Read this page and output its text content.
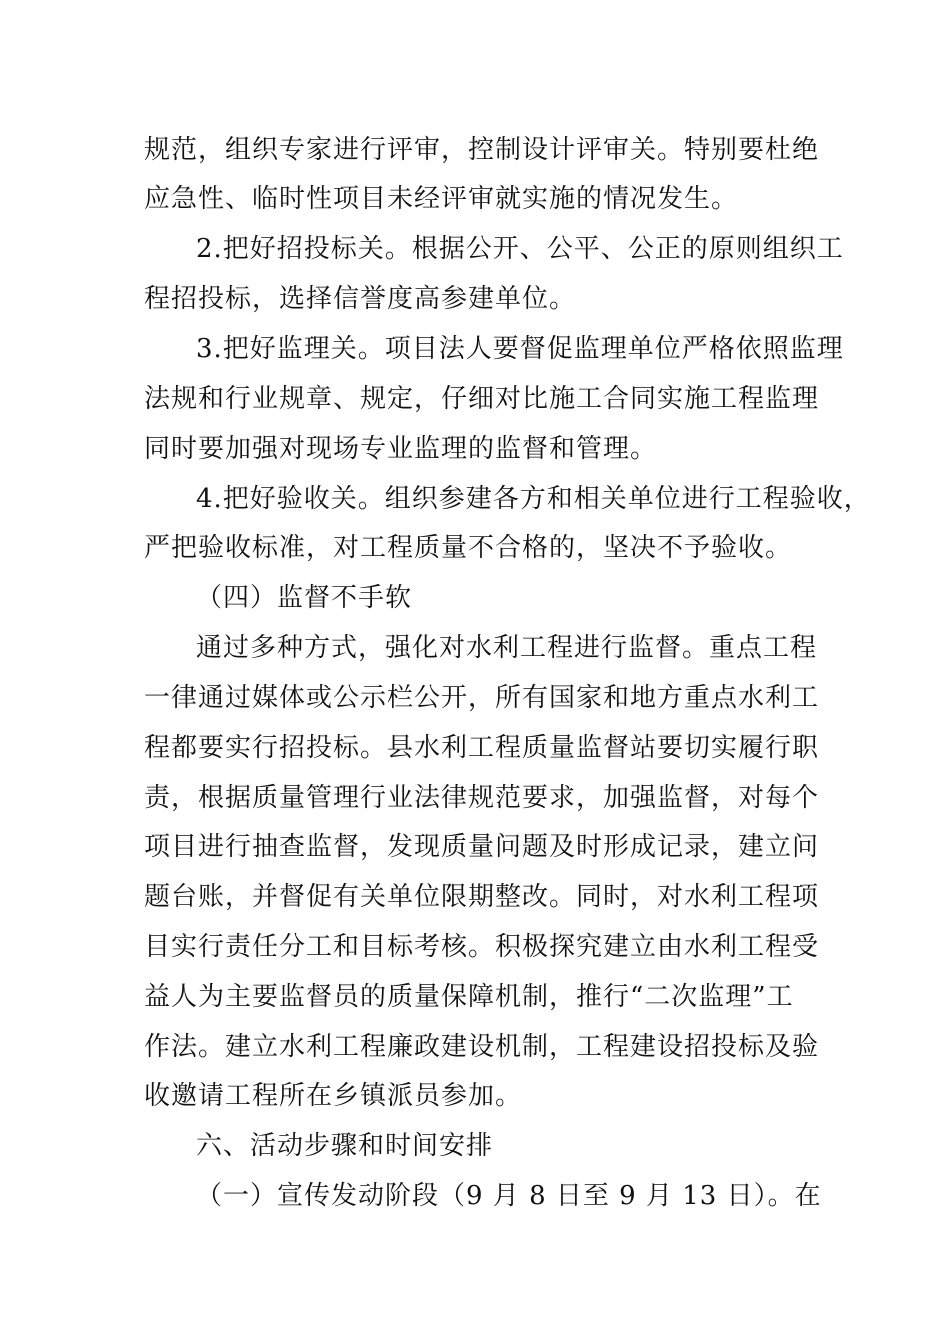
规范，组织专家进行评审，控制设计评审关。特别要杜绝
应急性、临时性项目未经评审就实施的情况发生。
2.把好招投标关。根据公开、公平、公正的原则组织工
程招投标，选择信誉度高参建单位。
3.把好监理关。项目法人要督促监理单位严格依照监理
法规和行业规章、规定，仔细对比施工合同实施工程监理
同时要加强对现场专业监理的监督和管理。
4.把好验收关。组织参建各方和相关单位进行工程验收，
严把验收标准，对工程质量不合格的，坚决不予验收。
（四）监督不手软
通过多种方式，强化对水利工程进行监督。重点工程
一律通过媒体或公示栏公开，所有国家和地方重点水利工
程都要实行招投标。县水利工程质量监督站要切实履行职
责，根据质量管理行业法律规范要求，加强监督，对每个
项目进行抽查监督，发现质量问题及时形成记录，建立问
题台账，并督促有关单位限期整改。同时，对水利工程项
目实行责任分工和目标考核。积极探究建立由水利工程受
益人为主要监督员的质量保障机制，推行“二次监理”工
作法。建立水利工程廉政建设机制，工程建设招投标及验
收邀请工程所在乡镇派员参加。
六、活动步骤和时间安排
（一）宣传发动阶段（9 月 8 日至 9 月 13 日）。在
